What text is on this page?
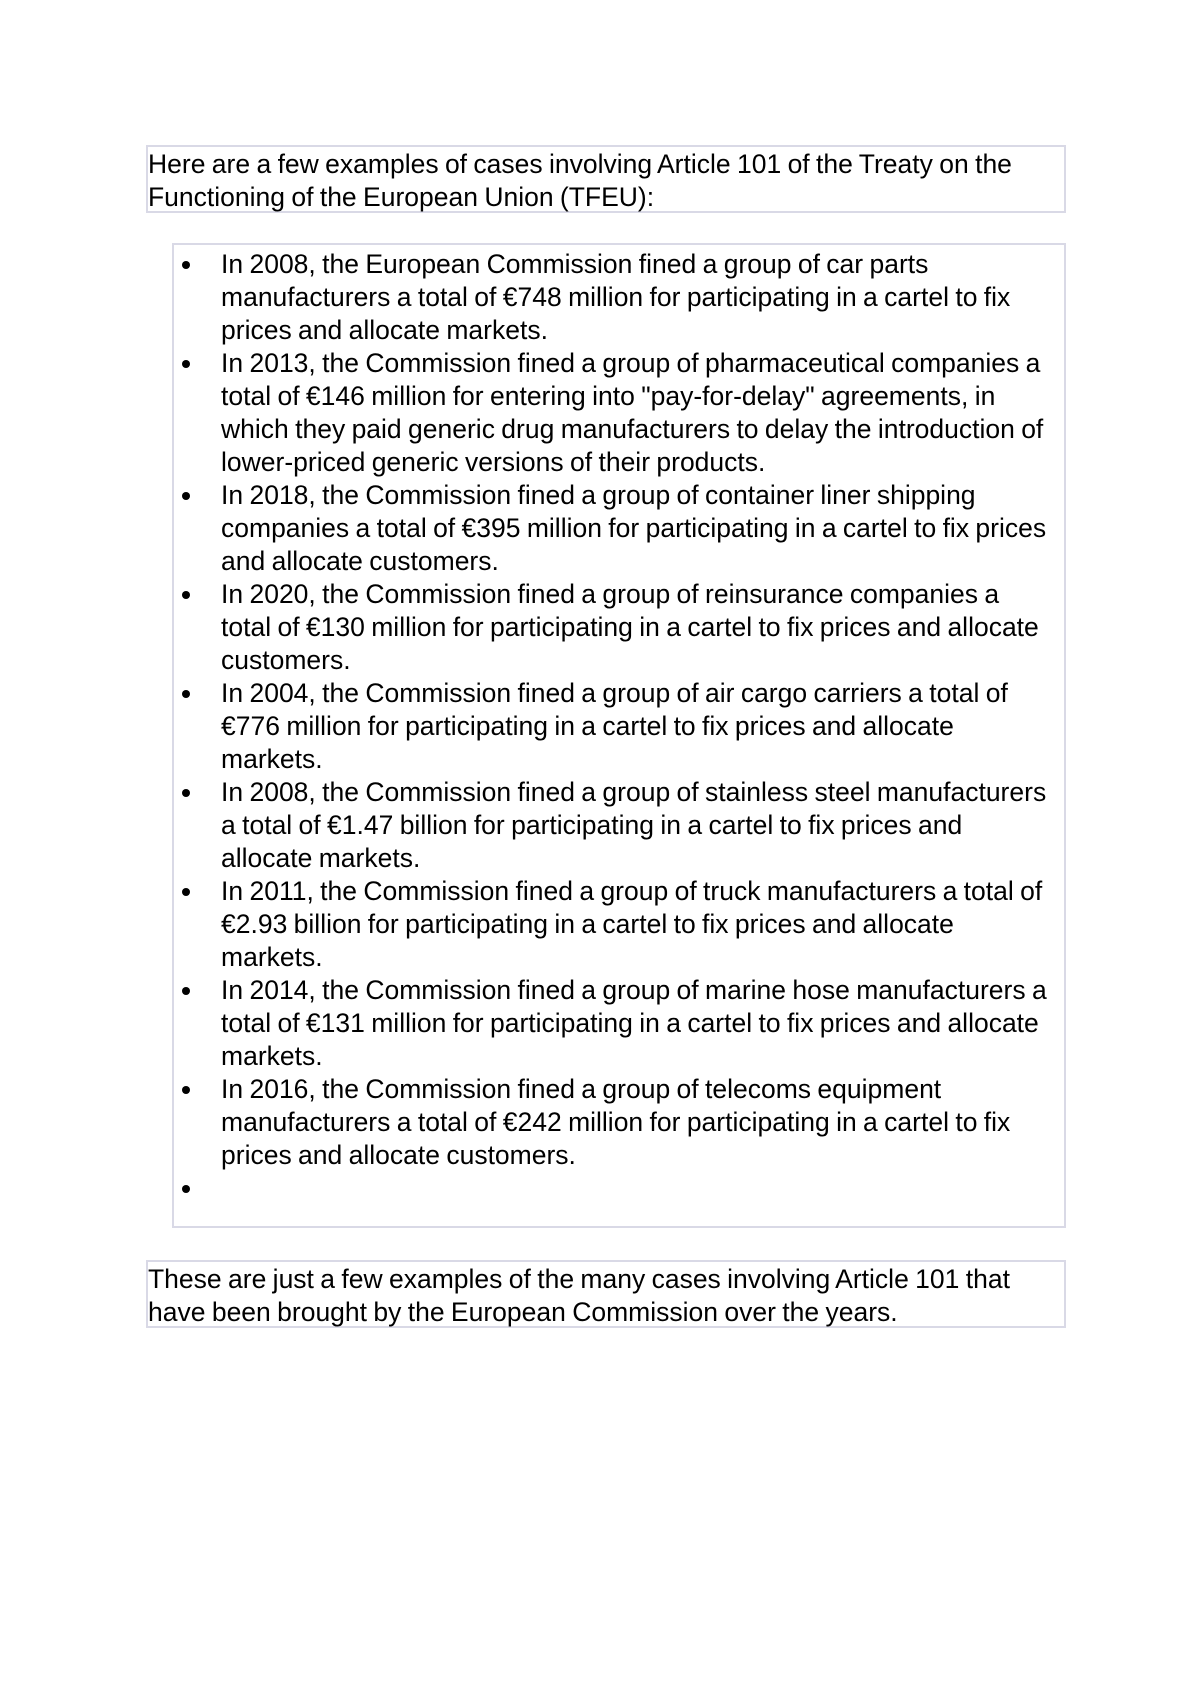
Here are a few examples of cases involving Article 101 of the Treaty on the Functioning of the European Union (TFEU):

In 2008, the European Commission fined a group of car parts manufacturers a total of €748 million for participating in a cartel to fix prices and allocate markets.
In 2013, the Commission fined a group of pharmaceutical companies a total of €146 million for entering into "pay-for-delay" agreements, in which they paid generic drug manufacturers to delay the introduction of lower-priced generic versions of their products.
In 2018, the Commission fined a group of container liner shipping companies a total of €395 million for participating in a cartel to fix prices and allocate customers.
In 2020, the Commission fined a group of reinsurance companies a total of €130 million for participating in a cartel to fix prices and allocate customers.
In 2004, the Commission fined a group of air cargo carriers a total of €776 million for participating in a cartel to fix prices and allocate markets.
In 2008, the Commission fined a group of stainless steel manufacturers a total of €1.47 billion for participating in a cartel to fix prices and allocate markets.
In 2011, the Commission fined a group of truck manufacturers a total of €2.93 billion for participating in a cartel to fix prices and allocate markets.
In 2014, the Commission fined a group of marine hose manufacturers a total of €131 million for participating in a cartel to fix prices and allocate markets.
In 2016, the Commission fined a group of telecoms equipment manufacturers a total of €242 million for participating in a cartel to fix prices and allocate customers.

These are just a few examples of the many cases involving Article 101 that have been brought by the European Commission over the years.
